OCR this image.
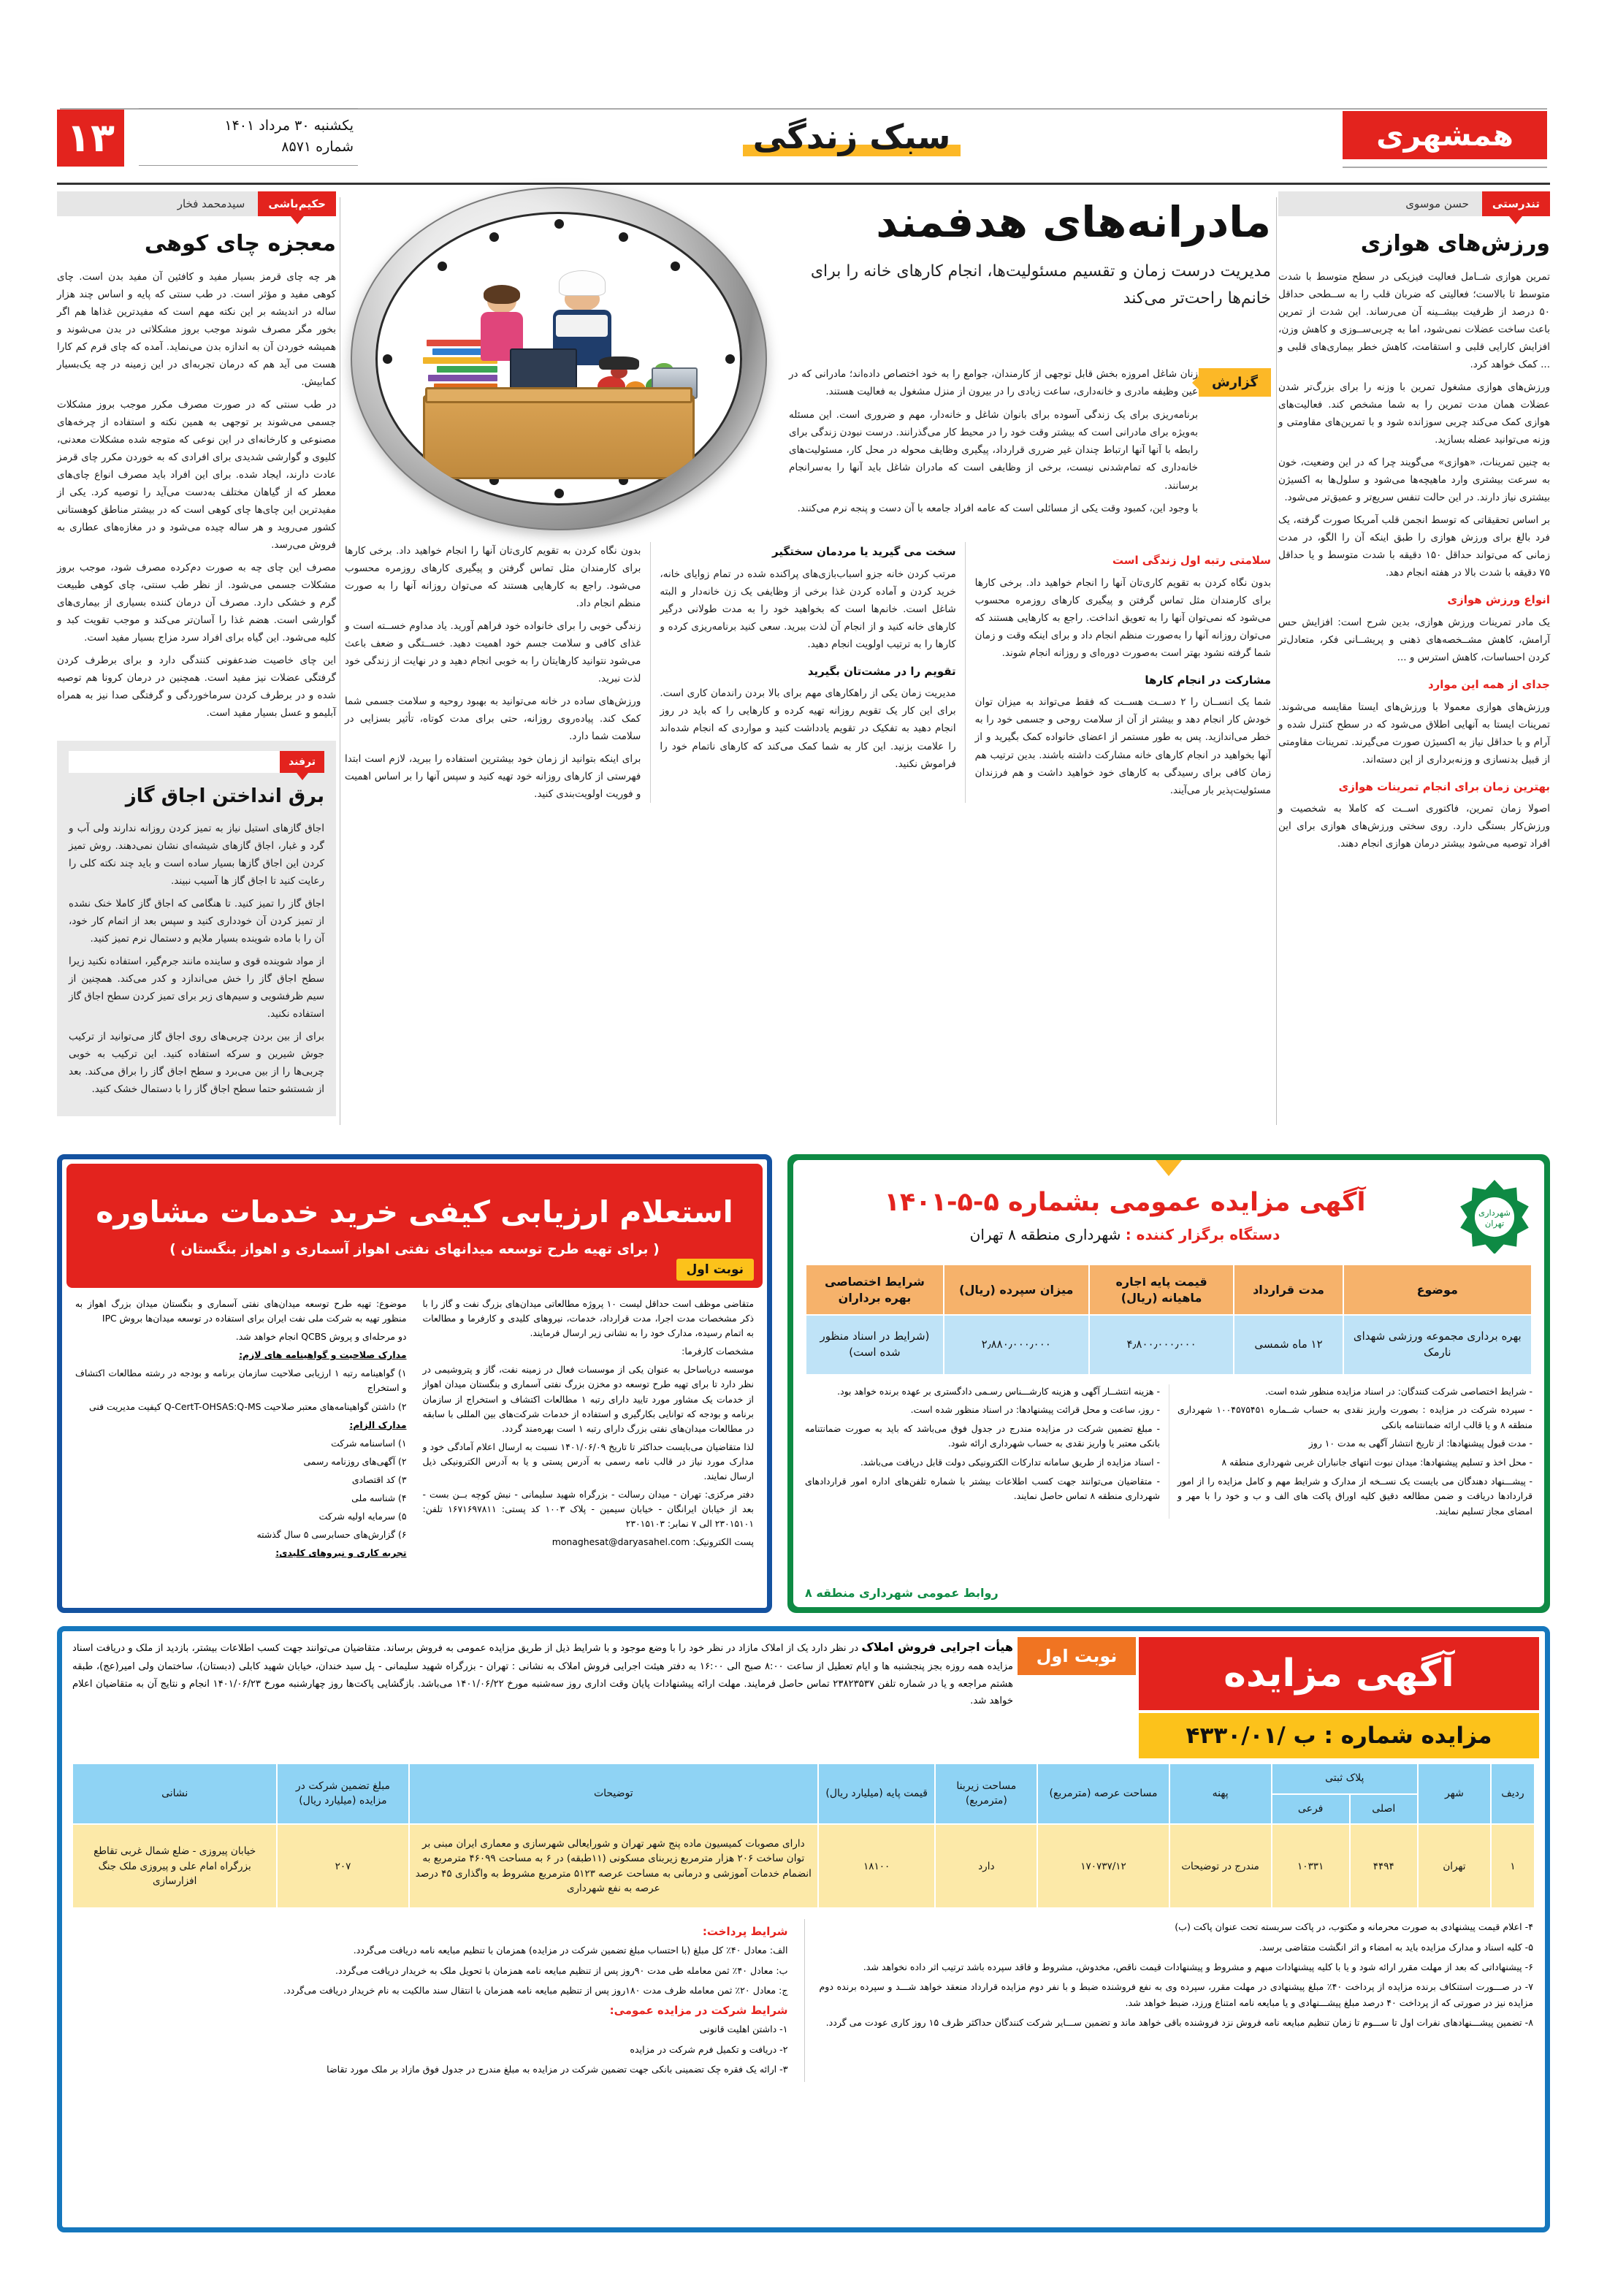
۱۳	یکشنبه ۳۰ مرداد ۱۴۰۱
شماره ۸۵۷۱	سبک زندگی	همشهری
تندرستی
حسن موسوی
ورزش‌های هوازی

تمرین هوازی شــامل فعالیت فیزیکی در سطح متوسط با شدت متوسط تا بالاست؛ فعالیتی که ضربان قلب را به ســطحی حداقل ۵۰ درصد از ظرفیت بیشــینه آن می‌رساند. این شدت از تمرین باعث ساخت عضلات نمی‌شود، اما به چربی‌ســوزی و کاهش وزن، افزایش کارایی قلبی و استقامت، کاهش خطر بیماری‌های قلبی و ... کمک خواهد کرد.

ورزش‌های هوازی مشغول تمرین با وزنه را برای بزرگ‌تر شدن عضلات همان مدت تمرین را به شما مشخص کند. فعالیت‌های هوازی کمک می‌کند چربی سوزانده شود و با تمرین‌های مقاومتی و وزنه می‌توانید عضله بسازید.

به چنین تمرینات، «هوازی» می‌گویند چرا که در این وضعیت، خون به سرعت بیشتری وارد ماهیچه‌ها می‌شود و سلول‌ها به اکسیژن بیشتری نیاز دارند. در این حالت تنفس سریع‌تر و عمیق‌تر می‌شود.

بر اساس تحقیقاتی که توسط انجمن قلب آمریکا صورت گرفته، یک فرد بالغ برای ورزش هوازی را طبق اینکه آن را الگو، در مدت زمانی که می‌تواند حداقل ۱۵۰ دقیقه با شدت متوسط و یا حداقل ۷۵ دقیقه با شدت بالا در هفته انجام دهد.

انواع ورزش هوازی

یک مادر تمرینات ورزش هوازی، بدین شرح است: افزایش حس آرامش، کاهش مشــخصه‌های ذهنی و پریشــانی فکر، متعادل‌تر کردن احساسات، کاهش استرس و ...

جدای از همه این موارد

ورزش‌های هوازی معمولا با ورزش‌های ایستا مقایسه می‌شوند. تمرینات ایستا به آنهایی اطلاق می‌شود که در سطح کنترل شده و آرام و با حداقل نیاز به اکسیژن صورت می‌گیرند. تمرینات مقاومتی از قبیل بدنسازی و وزنه‌برداری از این دسته‌اند.

بهترین زمان برای انجام تمرینات هوازی

اصولا زمان تمرین، فاکتوری اســت که کاملا به شخصیت و ورزش‌کار بستگی دارد. روی سختی ورزش‌های هوازی برای این افراد توصیه می‌شود بیشتر درمان هوازی انجام دهند.

مادرانه‌های هدفمند
مدیریت درست زمان و تقسیم مسئولیت‌ها، انجام کارهای خانه را برای خانم‌ها راحت‌تر می‌کند
گزارش

زنان شاغل امروزه بخش قابل توجهی از کارمندان، جوامع را به خود اختصاص داده‌اند؛ مادرانی که در عین وظیفه مادری و خانه‌داری، ساعت زیادی را در بیرون از منزل مشغول به فعالیت هستند.

برنامه‌ریزی برای یک زندگی آسوده برای بانوان شاغل و خانه‌دار، مهم و ضروری است. این مسئله به‌ویژه برای مادرانی است که بیشتر وقت خود را در محیط کار می‌گذرانند. درست نبودن زندگی برای رابطه با آنها آنها ارتباط چندان غیر ضرری قرارداد، پیگیری وظایف محوله در محل کار، مسئولیت‌های خانه‌داری که تمام‌شدنی نیست، برخی از وظایفی است که مادران شاغل باید آنها را به‌سرانجام برسانند.

با وجود این، کمبود وقت یکی از مسائلی است که عامه افراد جامعه با آن دست و پنجه نرم می‌کنند.

سلامتی رتبه اول زندگی است

بدون نگاه کردن به تقویم کاری‌تان آنها را انجام خواهید داد. برخی کارها برای کارمندان مثل تماس گرفتن و پیگیری کارهای روزمره محسوب می‌شود که نمی‌توان آنها را به تعویق انداخت. راجع به کارهایی هستند که می‌توان روزانه آنها را به‌صورت منظم انجام داد و برای اینکه وقت و زمان شما گرفته نشود بهتر است به‌صورت دوره‌ای و روزانه انجام شوند.

مشارکت در انجام کارها

شما یک انســان را ۲ دســت هســت که فقط می‌تواند به میزان توان خودش کار انجام دهد و بیشتر از آن از سلامت روحی و جسمی خود را به خطر می‌اندازید. پس به طور مستمر از اعضای خانواده کمک بگیرید و از آنها بخواهید در انجام کارهای خانه مشارکت داشته باشند. بدین ترتیب هم زمان کافی برای رسیدگی به کارهای خود خواهید داشت و هم فرزندان مسئولیت‌پذیر بار می‌آیند.

سخت می گیرید یا مردمان سختگیر

مرتب کردن خانه جزو اسباب‌بازی‌های پراکنده شده در تمام زوایای خانه، خرید کردن و آماده کردن غذا برخی از وظایفی یک زن خانه‌دار و البته شاغل است. خانم‌ها است که بخواهید خود را به مدت طولانی درگیر کارهای خانه کنید و از انجام آن لذت ببرید. سعی کنید برنامه‌ریزی کرده و کارها را به ترتیب اولویت انجام دهید.

تقویم را در مشت‌تان بگیرید

مدیریت زمان یکی از راهکارهای مهم برای بالا بردن راندمان کاری است. برای این کار یک تقویم روزانه تهیه کرده و کارهایی را که باید در روز انجام دهید به تفکیک در تقویم یادداشت کنید و مواردی که انجام شده‌اند را علامت بزنید. این کار به شما کمک می‌کند که کارهای ناتمام خود را فراموش نکنید.

بدون نگاه کردن به تقویم کاری‌تان آنها را انجام خواهید داد. برخی کارها برای کارمندان مثل تماس گرفتن و پیگیری کارهای روزمره محسوب می‌شود. راجع به کارهایی هستند که می‌توان روزانه آنها را به صورت منظم انجام داد.

زندگی خوبی را برای خانواده خود فراهم آورید. یاد مداوم خســته است و غذای کافی و سلامت جسم خود اهمیت دهید. خســتگی و ضعف باعث می‌شود نتوانید کارهایتان را به خوبی انجام دهید و در نهایت از زندگی خود لذت نبرید.

ورزش‌های ساده در خانه می‌توانید به بهبود روحیه و سلامت جسمی شما کمک کند. پیاده‌روی روزانه، حتی برای مدت کوتاه، تأثیر بسزایی در سلامت شما دارد.

برای اینکه بتوانید از زمان خود بیشترین استفاده را ببرید، لازم است ابتدا فهرستی از کارهای روزانه خود تهیه کنید و سپس آنها را بر اساس اهمیت و فوریت اولویت‌بندی کنید.

حکیم‌باشی
سیدمحمد فخار
معجزه چای کوهی

هر چه چای قرمز بسیار مفید و کافئین آن مفید بدن است. چای کوهی مفید و مؤثر است. در طب سنتی که پایه و اساس چند هزار ساله در اندیشه بر این نکته مهم است که مفیدترین غذاها هم اگر بخور مگر مصرف شوند موجب بروز مشکلاتی در بدن می‌شوند و همیشه خوردن آن به اندازه بدن می‌نماید. آمده که چای قرم کم کارا هست می آید هم که درمان تجربه‌ای در این زمینه در چه یک‌بسیار کمابیش.

در طب سنتی که در صورت مصرف مکرر موجب بروز مشکلات جسمی می‌شوند بر توجهی به همین نکته و استفاده از چرخه‌های مصنوعی و کارخانه‌ای در این نوعی که متوجه شده مشکلات معدنی، کلیوی و گوارشی شدیدی برای افرادی که به خوردن مکرر چای قرمز عادت دارند، ایجاد شده. برای این افراد باید مصرف انواع چای‌های معطر که از گیاهان مختلف به‌دست می‌آید را توصیه کرد. یکی از مفیدترین این چای‌ها چای کوهی است که در بیشتر مناطق کوهستانی کشور می‌روید و هر ساله چیده می‌شود و در مغازه‌های عطاری به فروش می‌رسد.

مصرف این چای چه به صورت دم‌کرده مصرف شود، موجب بروز مشکلات جسمی می‌شود. از نظر طب سنتی، چای کوهی طبیعت گرم و خشکی دارد. مصرف آن درمان کننده بسیاری از بیماری‌های گوارشی است. هضم غذا را آسان‌تر می‌کند و موجب تقویت کبد و کلیه می‌شود. این گیاه برای افراد سرد مزاج بسیار مفید است.

این چای خاصیت ضدعفونی کنندگی دارد و برای برطرف کردن گرفتگی عضلات نیز مفید است. همچنین در درمان کرونا هم توصیه شده و در برطرف کردن سرماخوردگی و گرفتگی صدا نیز به همراه آبلیمو و عسل بسیار مفید است.

ترفند
برق انداختن اجاق گاز

اجاق گازهای استیل نیاز به تمیز کردن روزانه ندارند ولی آب و گرد و غبار، اجاق گازهای شیشه‌ای نشان نمی‌دهند. روش تمیز کردن این اجاق گازها بسیار ساده است و باید چند نکته کلی را رعایت کنید تا اجاق گاز ها آسیب نبیند.

اجاق گاز را تمیز کنید. تا هنگامی که اجاق گاز کاملا خنک نشده از تمیز کردن آن خودداری کنید و سپس بعد از اتمام کار خود، آن را با ماده شوینده بسیار ملایم و دستمال نرم تمیز کنید.

از مواد شوینده قوی و ساینده مانند جرم‌گیر، استفاده نکنید زیرا سطح اجاق گاز را خش می‌اندازد و کدر می‌کند. همچنین از سیم ظرفشویی و سیم‌های زبر برای تمیز کردن سطح اجاق گاز استفاده نکنید.

برای از بین بردن چربی‌های روی اجاق گاز می‌توانید از ترکیب جوش شیرین و سرکه استفاده کنید. این ترکیب به خوبی چربی‌ها را از بین می‌برد و سطح اجاق گاز را براق می‌کند. بعد از شستشو حتما سطح اجاق گاز را با دستمال خشک کنید.

شهرداری
تهران
آگهی مزایده عمومی بشماره ۵-۵-۱۴۰۱
دستگاه برگزار کننده : شهرداری منطقه ۸ تهران
موضوع	مدت قرارداد	قیمت پایه اجاره ماهیانه (ریال)	میزان سپرده (ریال)	شرایط اختصاصی بهره برداران
بهره برداری مجموعه ورزشی شهدای نارمک	۱۲ ماه شمسی	۴٫۸۰۰٫۰۰۰٫۰۰۰	۲٫۸۸۰٫۰۰۰٫۰۰۰	(شرایط در اسناد منظور شده است)

- شرایط اختصاصی شرکت کنندگان: در اسناد مزایده منظور شده است.

- سپرده شرکت در مزایده : بصورت واریز نقدی به حساب شــماره ۱۰۰۴۵۷۵۴۵۱ شهرداری منطقه ۸ و یا قالب ارائه ضمانتنامه بانکی

- مدت قبول پیشنهادها: از تاریخ انتشار آگهی به مدت ۱۰ روز

- محل اخذ و تسلیم پیشنهادها: میدان نبوت انتهای جانباران غربی شهرداری منطقه ۸

- پیشـــنهاد دهندگان می بایست یک نســخه از مدارک و شرایط مهم و کامل مزایده را از امور قراردادها دریافت و ضمن مطالعه دقیق کلیه اوراق پاکت های الف و ب و خود را با مهر و امضای مجاز تسلیم نمایند.

- هزینه انتشــار آگهی و هزینه کارشـــناس رسـمی دادگستری بر عهده برنده خواهد بود.

- روز، ساعت و محل قرائت پیشنهادها: در اسناد منظور شده است.

- مبلغ تضمین شرکت در مزایده مندرج در جدول فوق می‌باشد که باید به صورت ضمانتنامه بانکی معتبر یا واریز نقدی به حساب شهرداری ارائه شود.

- اسناد مزایده از طریق سامانه تدارکات الکترونیکی دولت قابل دریافت می‌باشد.

- متقاضیان می‌توانند جهت کسب اطلاعات بیشتر با شماره تلفن‌های اداره امور قراردادهای شهرداری منطقه ۸ تماس حاصل نمایند.

روابط عمومی شهرداری منطقه ۸
استعلام ارزیابی کیفی خرید خدمات مشاوره
( برای تهیه طرح توسعه میدانهای نفتی اهواز آسماری و اهواز بنگستان )
نوبت اول

متقاضی موظف است حداقل لیست ۱۰ پروژه مطالعاتی میدان‌های بزرگ نفت و گاز را با ذکر مشخصات مدت اجرا، مدت قرارداد، خدمات، نیروهای کلیدی و کارفرما و مطالعات به اتمام رسیده، مدارک خود را به نشانی زیر ارسال فرمایند.

مشخصات کارفرما:

موسسه دریاساحل به عنوان یکی از موسسات فعال در زمینه نفت، گاز و پتروشیمی در نظر دارد تا برای تهیه طرح توسعه دو مخزن بزرگ نفتی آسماری و بنگستان میدان اهواز از خدمات یک مشاور مورد تایید دارای رتبه ۱ مطالعات اکتشاف و استخراج از سازمان برنامه و بودجه که توانایی بکارگیری و استفاده از خدمات شرکت‌های بین المللی با سابقه در مطالعات میدان‌های نفتی بزرگ دارای رتبه ۱ است بهره‌مند گردد.

لذا متقاضیان می‌بایست حداکثر تا تاریخ ۱۴۰۱/۰۶/۰۹ نسبت به ارسال اعلام آمادگی خود و مدارک مورد نیاز در قالب نامه رسمی به آدرس پستی و یا به آدرس الکترونیکی ذیل ارسال نمایند.

دفتر مرکزی: تهران - میدان رسالت - بزرگراه شهید سلیمانی - نبش کوچه بــن بست - بعد از خیابان ایرانگان - خیابان سیمین - پلاک ۱۰۰۳ کد پستی: ۱۶۷۱۶۹۷۸۱۱ تلفن: ۲۳۰۱۵۱۰۱ الی ۷ نمابر: ۲۳۰۱۵۱۰۳

پست الکترونیک: monaghesat@daryasahel.com

موضوع: تهیه طرح توسعه میدان‌های نفتی آسماری و بنگستان میدان بزرگ اهواز به منظور تهیه به شرکت ملی نفت ایران برای استفاده در توسعه میدان‌ها بروش IPC

دو مرحله‌ای و پروش QCBS انجام خواهد شد.

مدارک صلاحیت و گواهینامه های لازم:

۱) گواهینامه رتبه ۱ ارزیابی صلاحیت سازمان برنامه و بودجه در رشته مطالعات اکتشاف و استخراج

۲) داشتن گواهینامه‌های معتبر صلاحیت Q-CertT-OHSAS:Q-MS کیفیت مدیریت فنی

مدارک الزام:

۱) اساسنامه شرکت

۲) آگهی‌های روزنامه رسمی

۳) کد اقتصادی

۴) شناسه ملی

۵) سرمایه اولیه شرکت

۶) گزارش‌های حسابرسی ۵ سال گذشته

تجربه کاری و نیروهای کلیدی:

آگهی مزایده
مزایده شماره : ب /۴۳۳۰/۰۱
نوبت اول
هیأت اجرایی فروش املاک در نظر دارد یک از املاک مازاد در نظر خود را با وضع موجود و با شرایط ذیل از طریق مزایده عمومی به فروش برساند. متقاضیان می‌توانند جهت کسب اطلاعات بیشتر، بازدید از ملک و دریافت اسناد مزایده همه روزه بجز پنجشنبه ها و ایام تعطیل از ساعت ۸:۰۰ صبح الی ۱۶:۰۰ به دفتر هیئت اجرایی فروش املاک به نشانی : تهران - بزرگراه شهید سلیمانی - پل سید خندان، خیابان شهید کابلی (دبستان)، ساختمان ولی امیر(عج)، طبقه هشتم مراجعه و یا در شماره تلفن ۲۳۸۲۳۵۳۷ تماس حاصل فرمایند. مهلت ارائه پیشنهادات پایان وقت اداری روز سه‌شنبه مورخ ۱۴۰۱/۰۶/۲۲ می‌باشد. بازگشایی پاکت‌ها روز چهارشنبه مورخ ۱۴۰۱/۰۶/۲۳ انجام و نتایج آن به متقاضیان اعلام خواهد شد.
ردیف	شهر	پلاک ثبتی		پهنه	مساحت عرصه (مترمربع)	مساحت زیربنا (مترمربع)	قیمت پایه (میلیارد ریال)	توضیحات	مبلغ تضمین شرکت در مزایده (میلیارد ریال)	نشانی
		اصلی	فرعی							
۱	تهران	۴۴۹۴	۱۰۳۳۱	مندرج در توضیحات	۱۷۰۷۳۷/۱۲	دارد	۱۸۱۰۰	دارای مصوبات کمیسیون ماده پنج شهر تهران و شورایعالی شهرسازی و معماری ایران مبنی بر توان ساخت ۲۰۶ هزار مترمربع زیربنای مسکونی (۱۱طبقه) در ۶ به مساحت ۴۶۰۹۹ مترمربع به انضمام خدمات آموزشی و درمانی به مساحت عرصه ۵۱۲۳ مترمربع مشروط به واگذاری ۴۵ درصد عرصه به نفع شهرداری	۲۰۷	خیابان پیروزی - ضلع شمال غربی تقاطع بزرگراه امام علی و پیروزی ملک جنگ افزارسازی

۴- اعلام قیمت پیشنهادی به صورت محرمانه و مکتوب، در پاکت سربسته تحت عنوان پاکت (ب)

۵- کلیه اسناد و مدارک مزایده باید به امضاء و اثر انگشت متقاضی برسد.

۶- پیشنهاداتی که بعد از مهلت مقرر ارائه شود و یا با کلیه پیشنهادات مبهم و مشروط و پیشنهادات قیمت ناقص، مخدوش، مشروط و فاقد سپرده باشد ترتیب اثر داده نخواهد شد.

۷- در صـــورت استنکاف برنده مزایده از پرداخت ۴۰٪ مبلغ پیشنهادی در مهلت مقرر، سپرده وی به نفع فروشنده ضبط و با نفر دوم مزایده قرارداد منعقد خواهد شـــد و سپرده برنده دوم مزایده نیز در صورتی که از پرداخت ۴۰ درصد مبلغ پیشـــنهادی و یا مبایعه نامه امتناع ورزد، ضبط خواهد شد.

۸- تضمین پیشـــنهادهای نفرات اول تا ســـوم تا زمان تنظیم مبایعه نامه فروش نزد فروشنده باقی خواهد ماند و تضمین ســـایر شرکت کنندگان حداکثر ظرف ۱۵ روز کاری عودت می گردد.

شرایط پرداخت:

الف: معادل ۴۰٪ کل مبلغ (با احتساب مبلغ تضمین شرکت در مزایده) همزمان با تنظیم مبایعه نامه دریافت می‌گردد.

ب: معادل ۴۰٪ ثمن معامله طی مدت ۹۰روز پس از تنظیم مبایعه نامه همزمان با تحویل ملک به خریدار دریافت می‌گردد.

ج: معادل ۲۰٪ ثمن معامله ظرف مدت ۱۸۰روز پس از تنظیم مبایعه نامه همزمان با انتقال سند مالکیت به نام خریدار دریافت می‌گردد.

شرایط شرکت در مزایده عمومی:

۱- داشتن اهلیت قانونی

۲- دریافت و تکمیل فرم شرکت در مزایده

۳- ارائه یک فقره چک تضمینی بانکی جهت تضمین شرکت در مزایده به مبلغ مندرج در جدول فوق مازاد بر ملک مورد تقاضا
